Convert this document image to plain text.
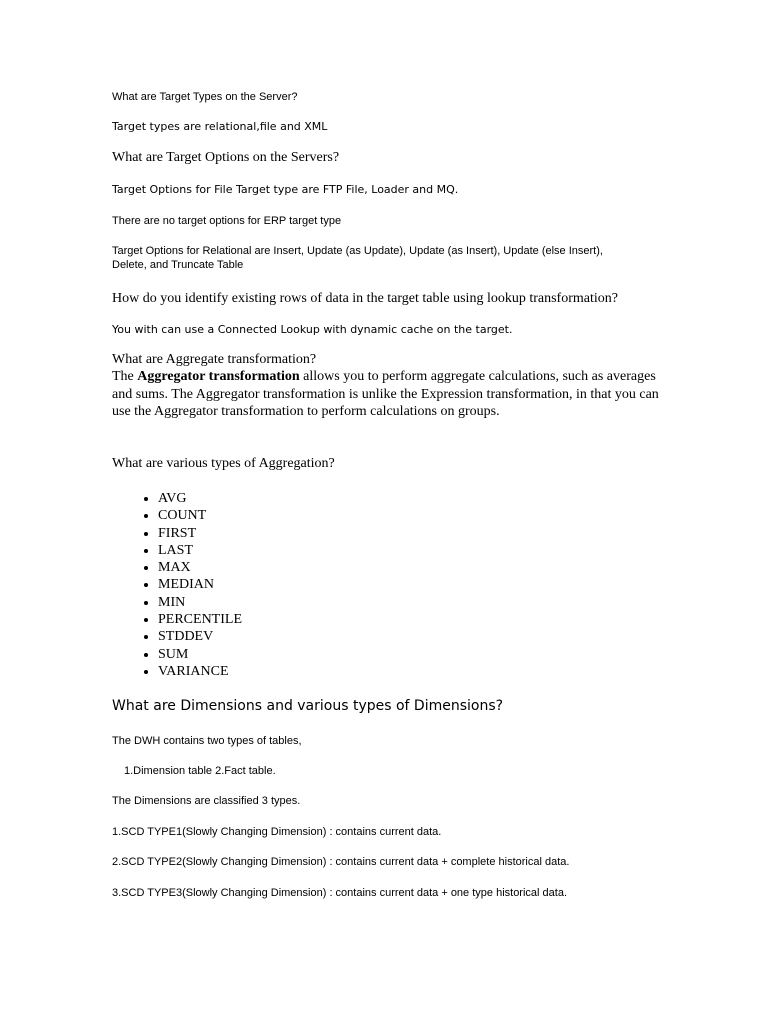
What are Target Types on the Server?

Target types are relational,file and XML

What are Target Options on the Servers?

Target Options for File Target type are FTP File, Loader and MQ.

There are no target options for ERP target type

Target Options for Relational are Insert, Update (as Update), Update (as Insert), Update (else Insert), Delete, and Truncate Table

How do you identify existing rows of data in the target table using lookup transformation?

You with can use a Connected Lookup with dynamic cache on the target.

What are Aggregate transformation?

The Aggregator transformation allows you to perform aggregate calculations, such as averages and sums. The Aggregator transformation is unlike the Expression transformation, in that you can use the Aggregator transformation to perform calculations on groups.

What are various types of Aggregation?

• AVG
• COUNT
• FIRST
• LAST
• MAX
• MEDIAN
• MIN
• PERCENTILE
• STDDEV
• SUM
• VARIANCE

What are Dimensions and various types of Dimensions?

The DWH contains two types of tables,

1.Dimension table 2.Fact table.

The Dimensions are classified 3 types.

1.SCD TYPE1(Slowly Changing Dimension) : contains current data.

2.SCD TYPE2(Slowly Changing Dimension) : contains current data + complete historical data.

3.SCD TYPE3(Slowly Changing Dimension) : contains current data + one type historical data.
